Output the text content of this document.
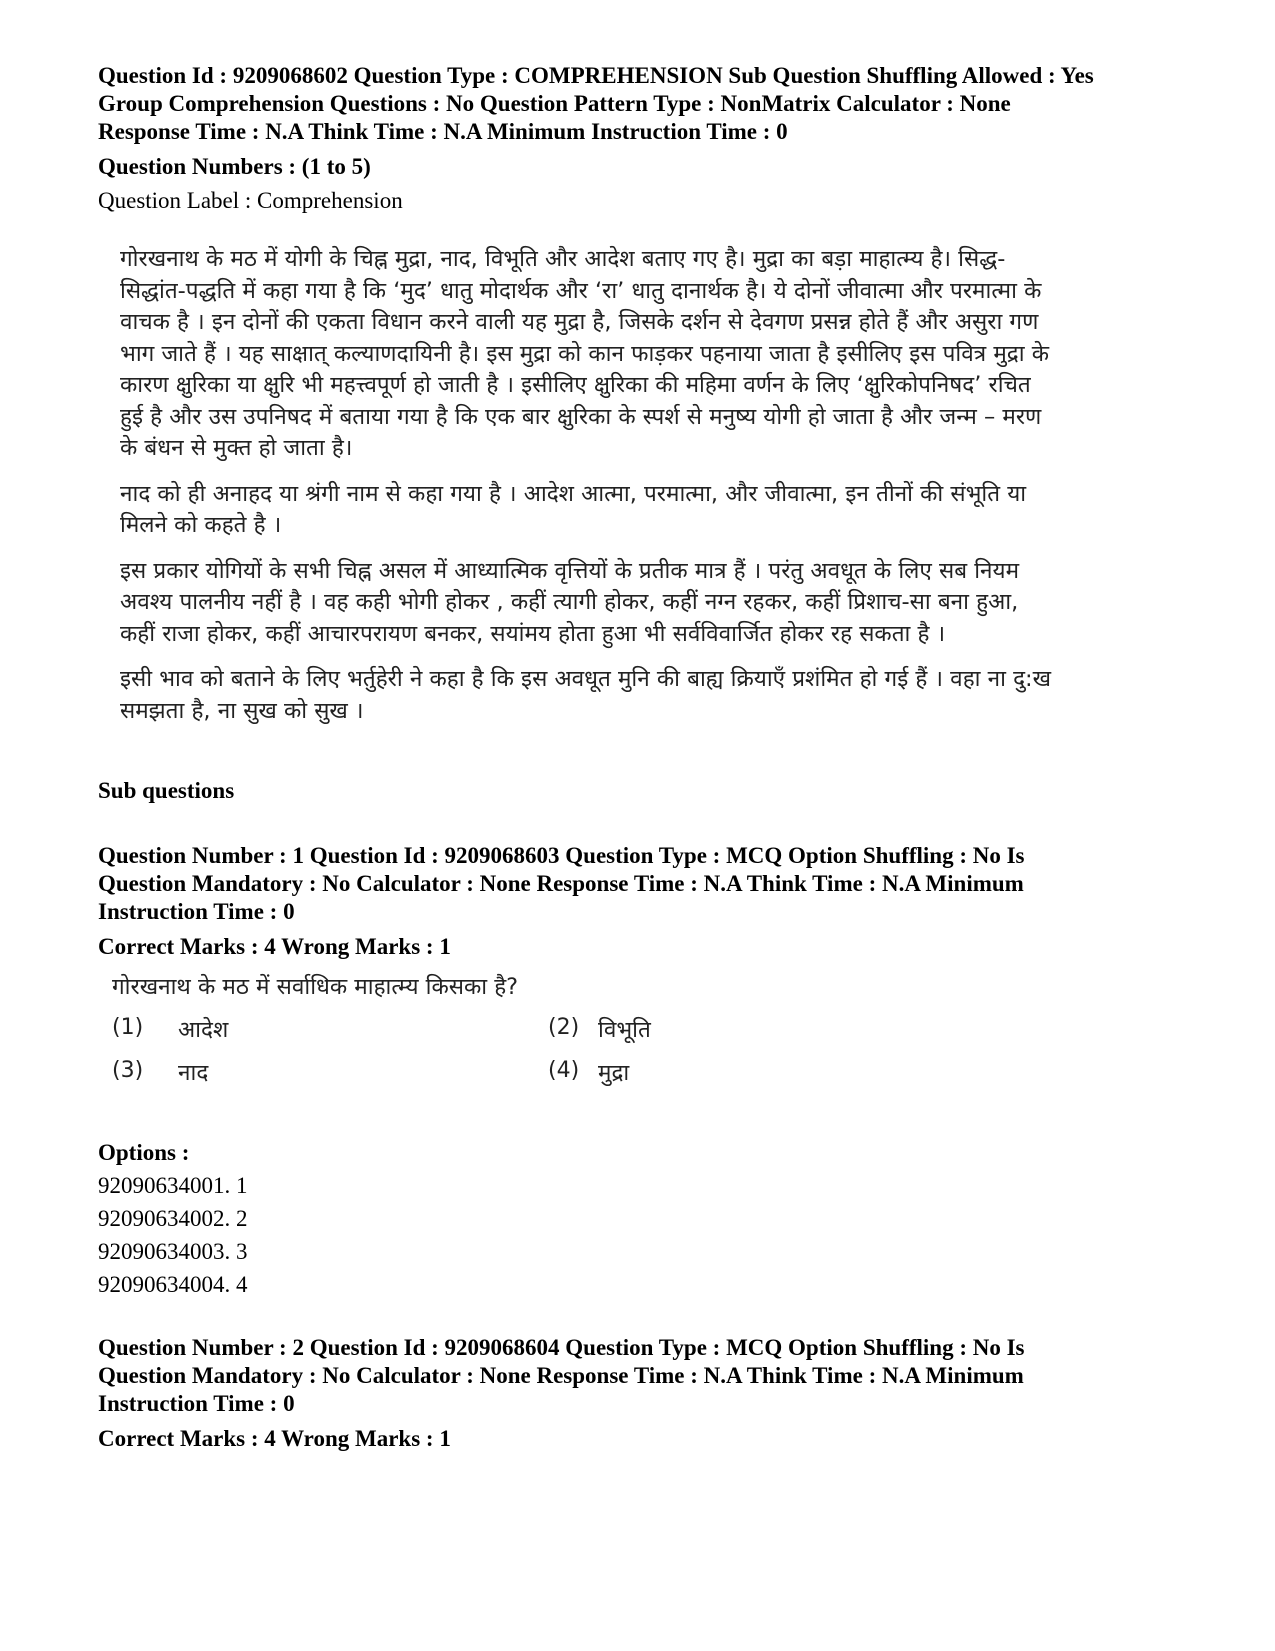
Question Id : 9209068602 Question Type : COMPREHENSION Sub Question Shuffling Allowed : Yes

Group Comprehension Questions : No Question Pattern Type : NonMatrix Calculator : None

Response Time : N.A Think Time : N.A Minimum Instruction Time : 0

Question Numbers : (1 to 5)

Question Label : Comprehension

गोरखनाथ के मठ में योगी के चिह्न मुद्रा, नाद, विभूति और आदेश बताए गए है। मुद्रा का बड़ा माहात्म्य है। सिद्ध-सिद्धांत-पद्धति में कहा गया है कि ‘मुद’ धातु मोदार्थक और ‘रा’ धातु दानार्थक है। ये दोनों जीवात्मा और परमात्मा के वाचक है । इन दोनों की एकता विधान करने वाली यह मुद्रा है, जिसके दर्शन से देवगण प्रसन्न होते हैं और असुरा गण भाग जाते हैं । यह साक्षात् कल्याणदायिनी है। इस मुद्रा को कान फाड़कर पहनाया जाता है इसीलिए इस पवित्र मुद्रा के कारण क्षुरिका या क्षुरि भी महत्त्वपूर्ण हो जाती है । इसीलिए क्षुरिका की महिमा वर्णन के लिए ‘क्षुरिकोपनिषद’ रचित हुई है और उस उपनिषद में बताया गया है कि एक बार क्षुरिका के स्पर्श से मनुष्य योगी हो जाता है और जन्म – मरण के बंधन से मुक्त हो जाता है।

नाद को ही अनाहद या श्रंगी नाम से कहा गया है । आदेश आत्मा, परमात्मा, और जीवात्मा, इन तीनों की संभूति या मिलने को कहते है ।

इस प्रकार योगियों के सभी चिह्न असल में आध्यात्मिक वृत्तियों के प्रतीक मात्र हैं । परंतु अवधूत के लिए सब नियम अवश्य पालनीय नहीं है । वह कही भोगी होकर , कहीं त्यागी होकर, कहीं नग्न रहकर, कहीं प्रिशाच-सा बना हुआ, कहीं राजा होकर, कहीं आचारपरायण बनकर, सयांमय होता हुआ भी सर्वविवार्जित होकर रह सकता है ।

इसी भाव को बताने के लिए भर्तुहेरी ने कहा है कि इस अवधूत मुनि की बाह्य क्रियाएँ प्रशंमित हो गई हैं । वहा ना दु:ख समझता है, ना सुख को सुख ।

Sub questions

Question Number : 1 Question Id : 9209068603 Question Type : MCQ Option Shuffling : No Is

Question Mandatory : No Calculator : None Response Time : N.A Think Time : N.A Minimum

Instruction Time : 0

Correct Marks : 4 Wrong Marks : 1

गोरखनाथ के मठ में सर्वाधिक माहात्म्य किसका है?
(1) आदेश	(2) विभूति
(3) नाद	(4) मुद्रा

Options :

92090634001. 1

92090634002. 2

92090634003. 3

92090634004. 4

Question Number : 2 Question Id : 9209068604 Question Type : MCQ Option Shuffling : No Is

Question Mandatory : No Calculator : None Response Time : N.A Think Time : N.A Minimum

Instruction Time : 0

Correct Marks : 4 Wrong Marks : 1
